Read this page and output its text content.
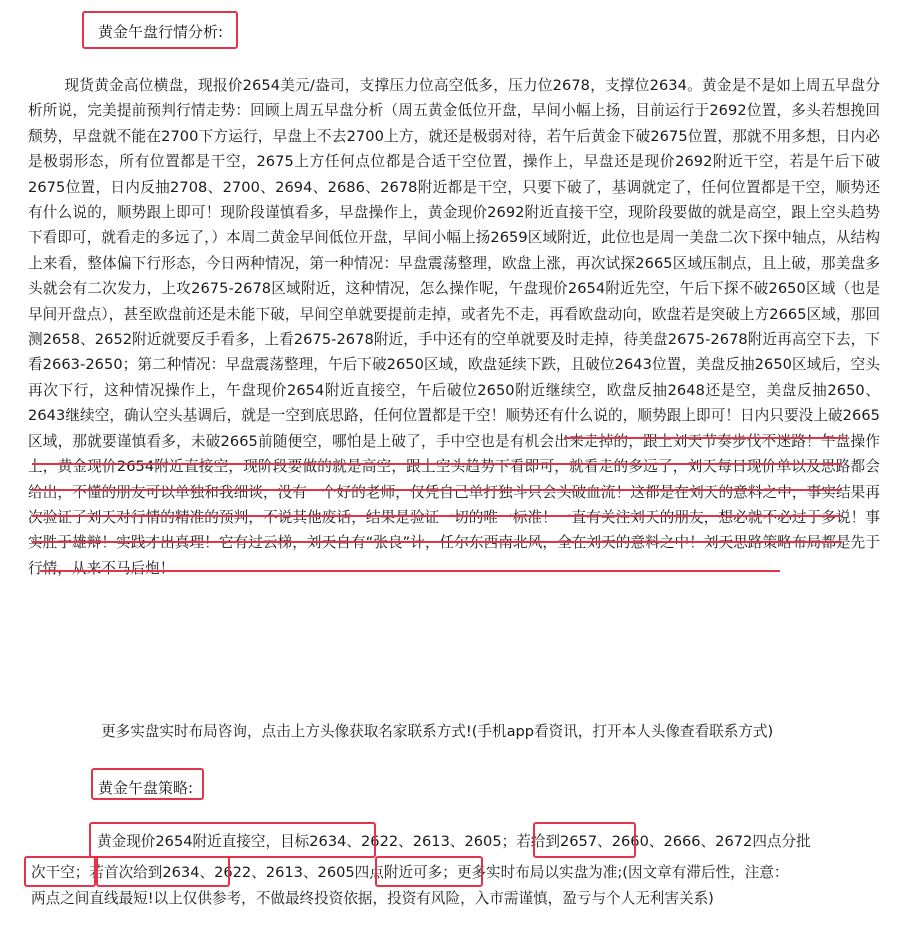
黄金午盘行情分析:

现货黄金高位横盘，现报价2654美元/盎司，支撑压力位高空低多，压力位2678，支撑位2634。黄金是不是如上周五早盘分析所说，完美提前预判行情走势：回顾上周五早盘分析（周五黄金低位开盘，早间小幅上扬，目前运行于2692位置，多头若想挽回颓势，早盘就不能在2700下方运行，早盘上不去2700上方，就还是极弱对待，若午后黄金下破2675位置，那就不用多想，日内必是极弱形态，所有位置都是干空，2675上方任何点位都是合适干空位置，操作上，早盘还是现价2692附近干空，若是午后下破2675位置，日内反抽2708、2700、2694、2686、2678附近都是干空，只要下破了，基调就定了，任何位置都是干空，顺势还有什么说的，顺势跟上即可！现阶段谨慎看多，早盘操作上，黄金现价2692附近直接干空，现阶段要做的就是高空，跟上空头趋势下看即可，就看走的多远了，）本周二黄金早间低位开盘，早间小幅上扬2659区域附近，此位也是周一美盘二次下探中轴点，从结构上来看，整体偏下行形态，今日两种情况，第一种情况：早盘震荡整理，欧盘上涨，再次试探2665区域压制点，且上破，那美盘多头就会有二次发力，上攻2675-2678区域附近，这种情况，怎么操作呢，午盘现价2654附近先空，午后下探不破2650区域（也是早间开盘点），甚至欧盘前还是未能下破，早间空单就要提前走掉，或者先不走，再看欧盘动向，欧盘若是突破上方2665区域，那回测2658、2652附近就要反手看多，上看2675-2678附近，手中还有的空单就要及时走掉，待美盘2675-2678附近再高空下去，下看2663-2650；第二种情况：早盘震荡整理，午后下破2650区域，欧盘延续下跌，且破位2643位置，美盘反抽2650区域后，空头再次下行，这种情况操作上，午盘现价2654附近直接空，午后破位2650附近继续空，欧盘反抽2648还是空，美盘反抽2650、2643继续空，确认空头基调后，就是一空到底思路，任何位置都是干空！顺势还有什么说的，顺势跟上即可！日内只要没上破2665区域，那就要谨慎看多，未破2665前随便空，哪怕是上破了，手中空也是有机会出来走掉的，跟上刘天节奏步伐不迷路！午盘操作上，黄金现价2654附近直接空，现阶段要做的就是高空，跟上空头趋势下看即可，就看走的多远了，刘天每日现价单以及思路都会给出，不懂的朋友可以单独和我细谈，没有一个好的老师，仅凭自己单打独斗只会头破血流！这都是在刘天的意料之中，事实结果再次验证了刘天对行情的精准的预判，不说其他废话，结果是验证一切的唯一标准！一直有关注刘天的朋友，想必就不必过于多说！事实胜于雄辩！实践才出真理！它有过云梯，刘天自有“张良”计，任尔东西南北风，全在刘天的意料之中！刘天思路策略布局都是先于行情，从来不马后炮！

更多实盘实时布局咨询，点击上方头像获取名家联系方式!(手机app看资讯，打开本人头像查看联系方式)
黄金午盘策略:
黄金现价2654附近直接空，目标2634、2622、2613、2605；若给到2657、2660、2666、2672四点分批
次干空；若首次给到2634、2622、2613、2605四点附近可多；更多实时布局以实盘为准;(因文章有滞后性，注意：
两点之间直线最短!以上仅供参考，不做最终投资依据，投资有风险，入市需谨慎，盈亏与个人无利害关系)
